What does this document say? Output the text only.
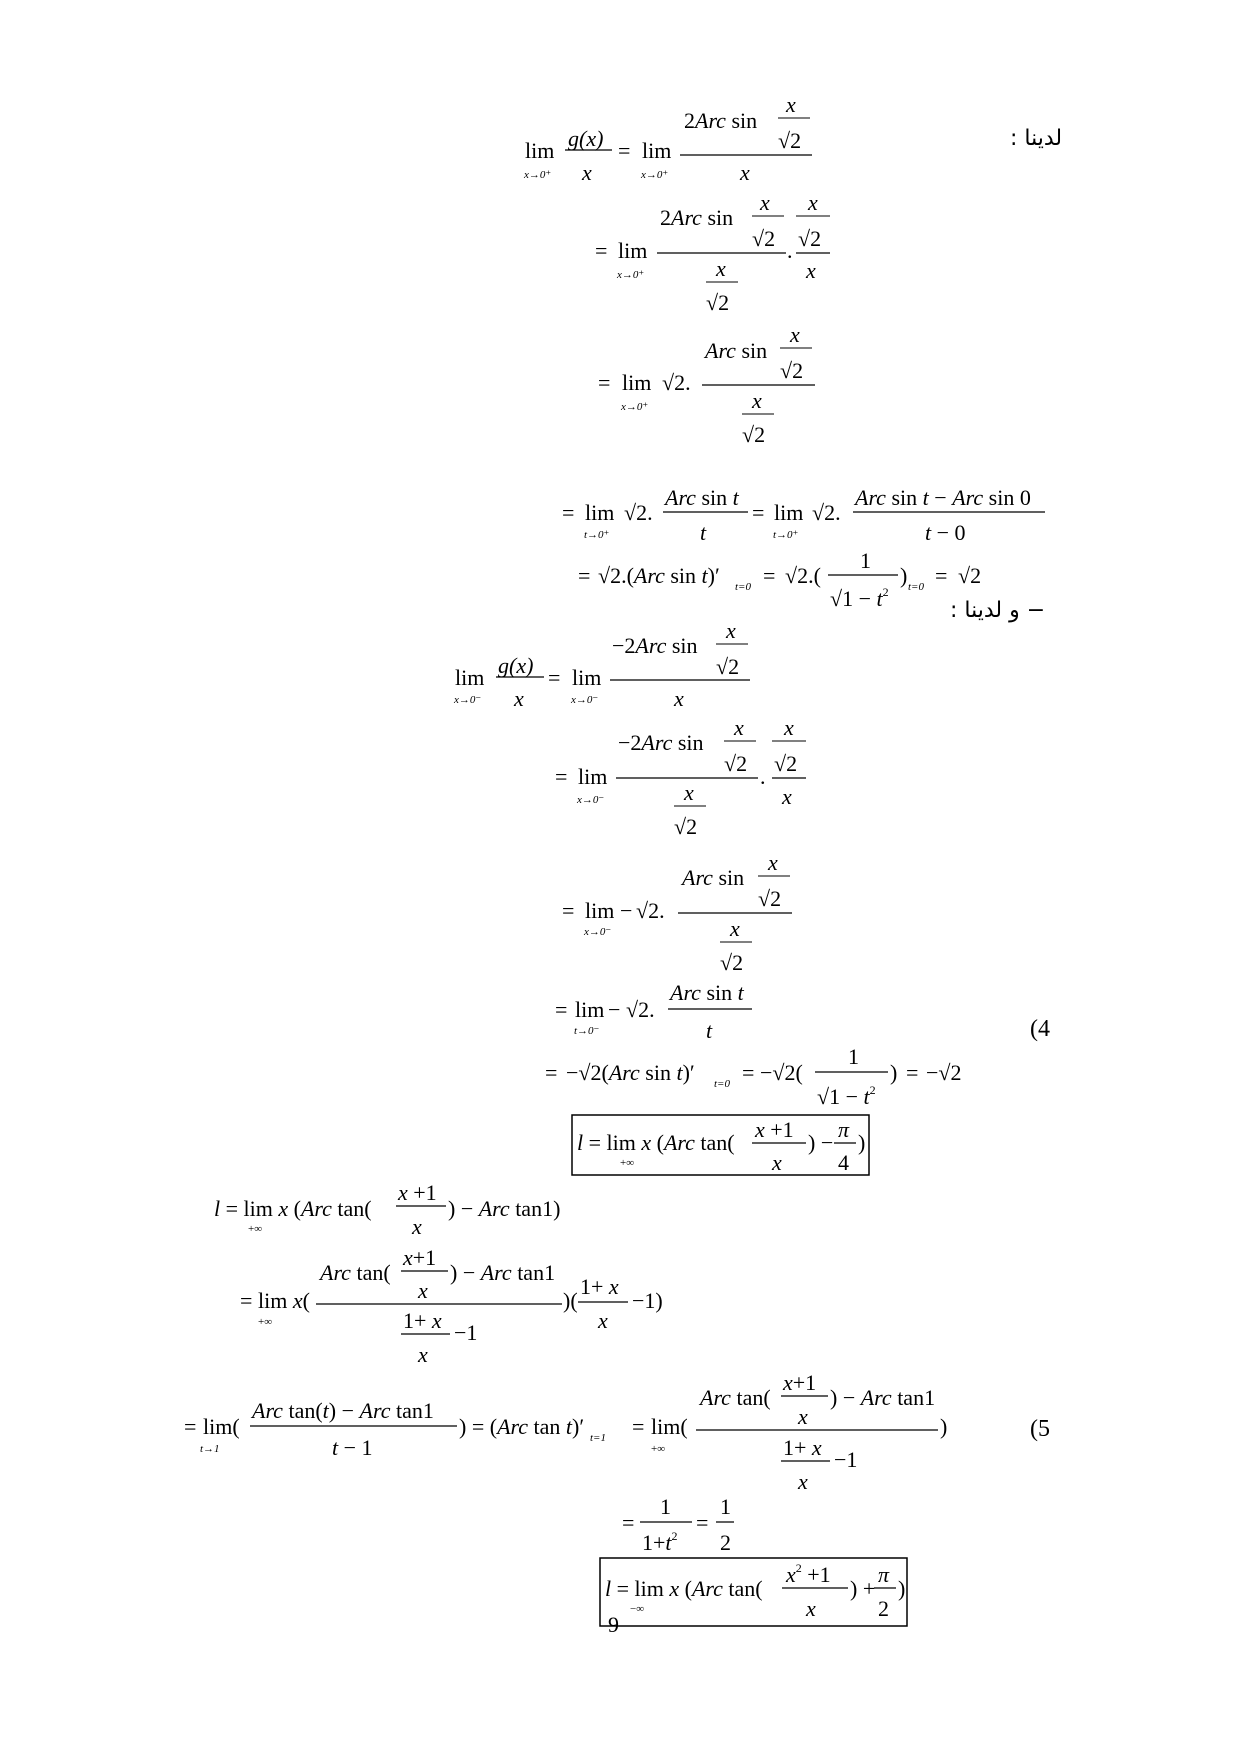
لدينا :
− و لدينا :
(4
(5
9
lim
x→0⁺
g(x)
x
= lim
x→0⁺
2Arc sin
x
√2
x
= lim
x→0⁺
2Arc sin
x
√2
x
√2
.
x
√2
x
= lim
x→0⁺
√2.
Arc sin
x
√2
x
√2
= lim
t→0⁺
√2.
Arc sin t
t
= lim
t→0⁺
√2.
Arc sin t − Arc sin 0
t − 0
= √2.(Arc sin t)′ t=0 = √2.(
1
$√1 - t^2$
) t=0 = √2
lim
x→0⁻
g(x)
x
= lim
x→0⁻
−2Arc sin
x
√2
x
= lim
x→0⁻
−2Arc sin
x
√2
x
√2
.
x
√2
x
= lim −
x→0⁻
√2.
Arc sin
x
√2
x
√2
= lim −
t→0⁻
√2.
Arc sin t
t
= −√2(Arc sin t)′ t=0 = −√2(
1
$√1 - t^2$
) = −√2
l = lim x (Arc tan(
+∞
x +1
x
) −
π
4
)
l = lim x (Arc tan(
+∞
x +1
x
) − Arc tan1)
= lim x(
+∞
Arc tan(
x+1
x
) − Arc tan1
1+ x
x
−1
)(
1+ x
x
−1)
= lim(
t→1
Arc tan(t) − Arc tan1
t − 1
) = (Arc tan t)′ t=1 = lim(
+∞
Arc tan(
x+1
x
) − Arc tan1
1+ x
x
−1
)
=
1
$1+t^2$
=
1
2
l = lim x (Arc tan(
−∞
$x^2 +1$
x
) +
π
2
)
